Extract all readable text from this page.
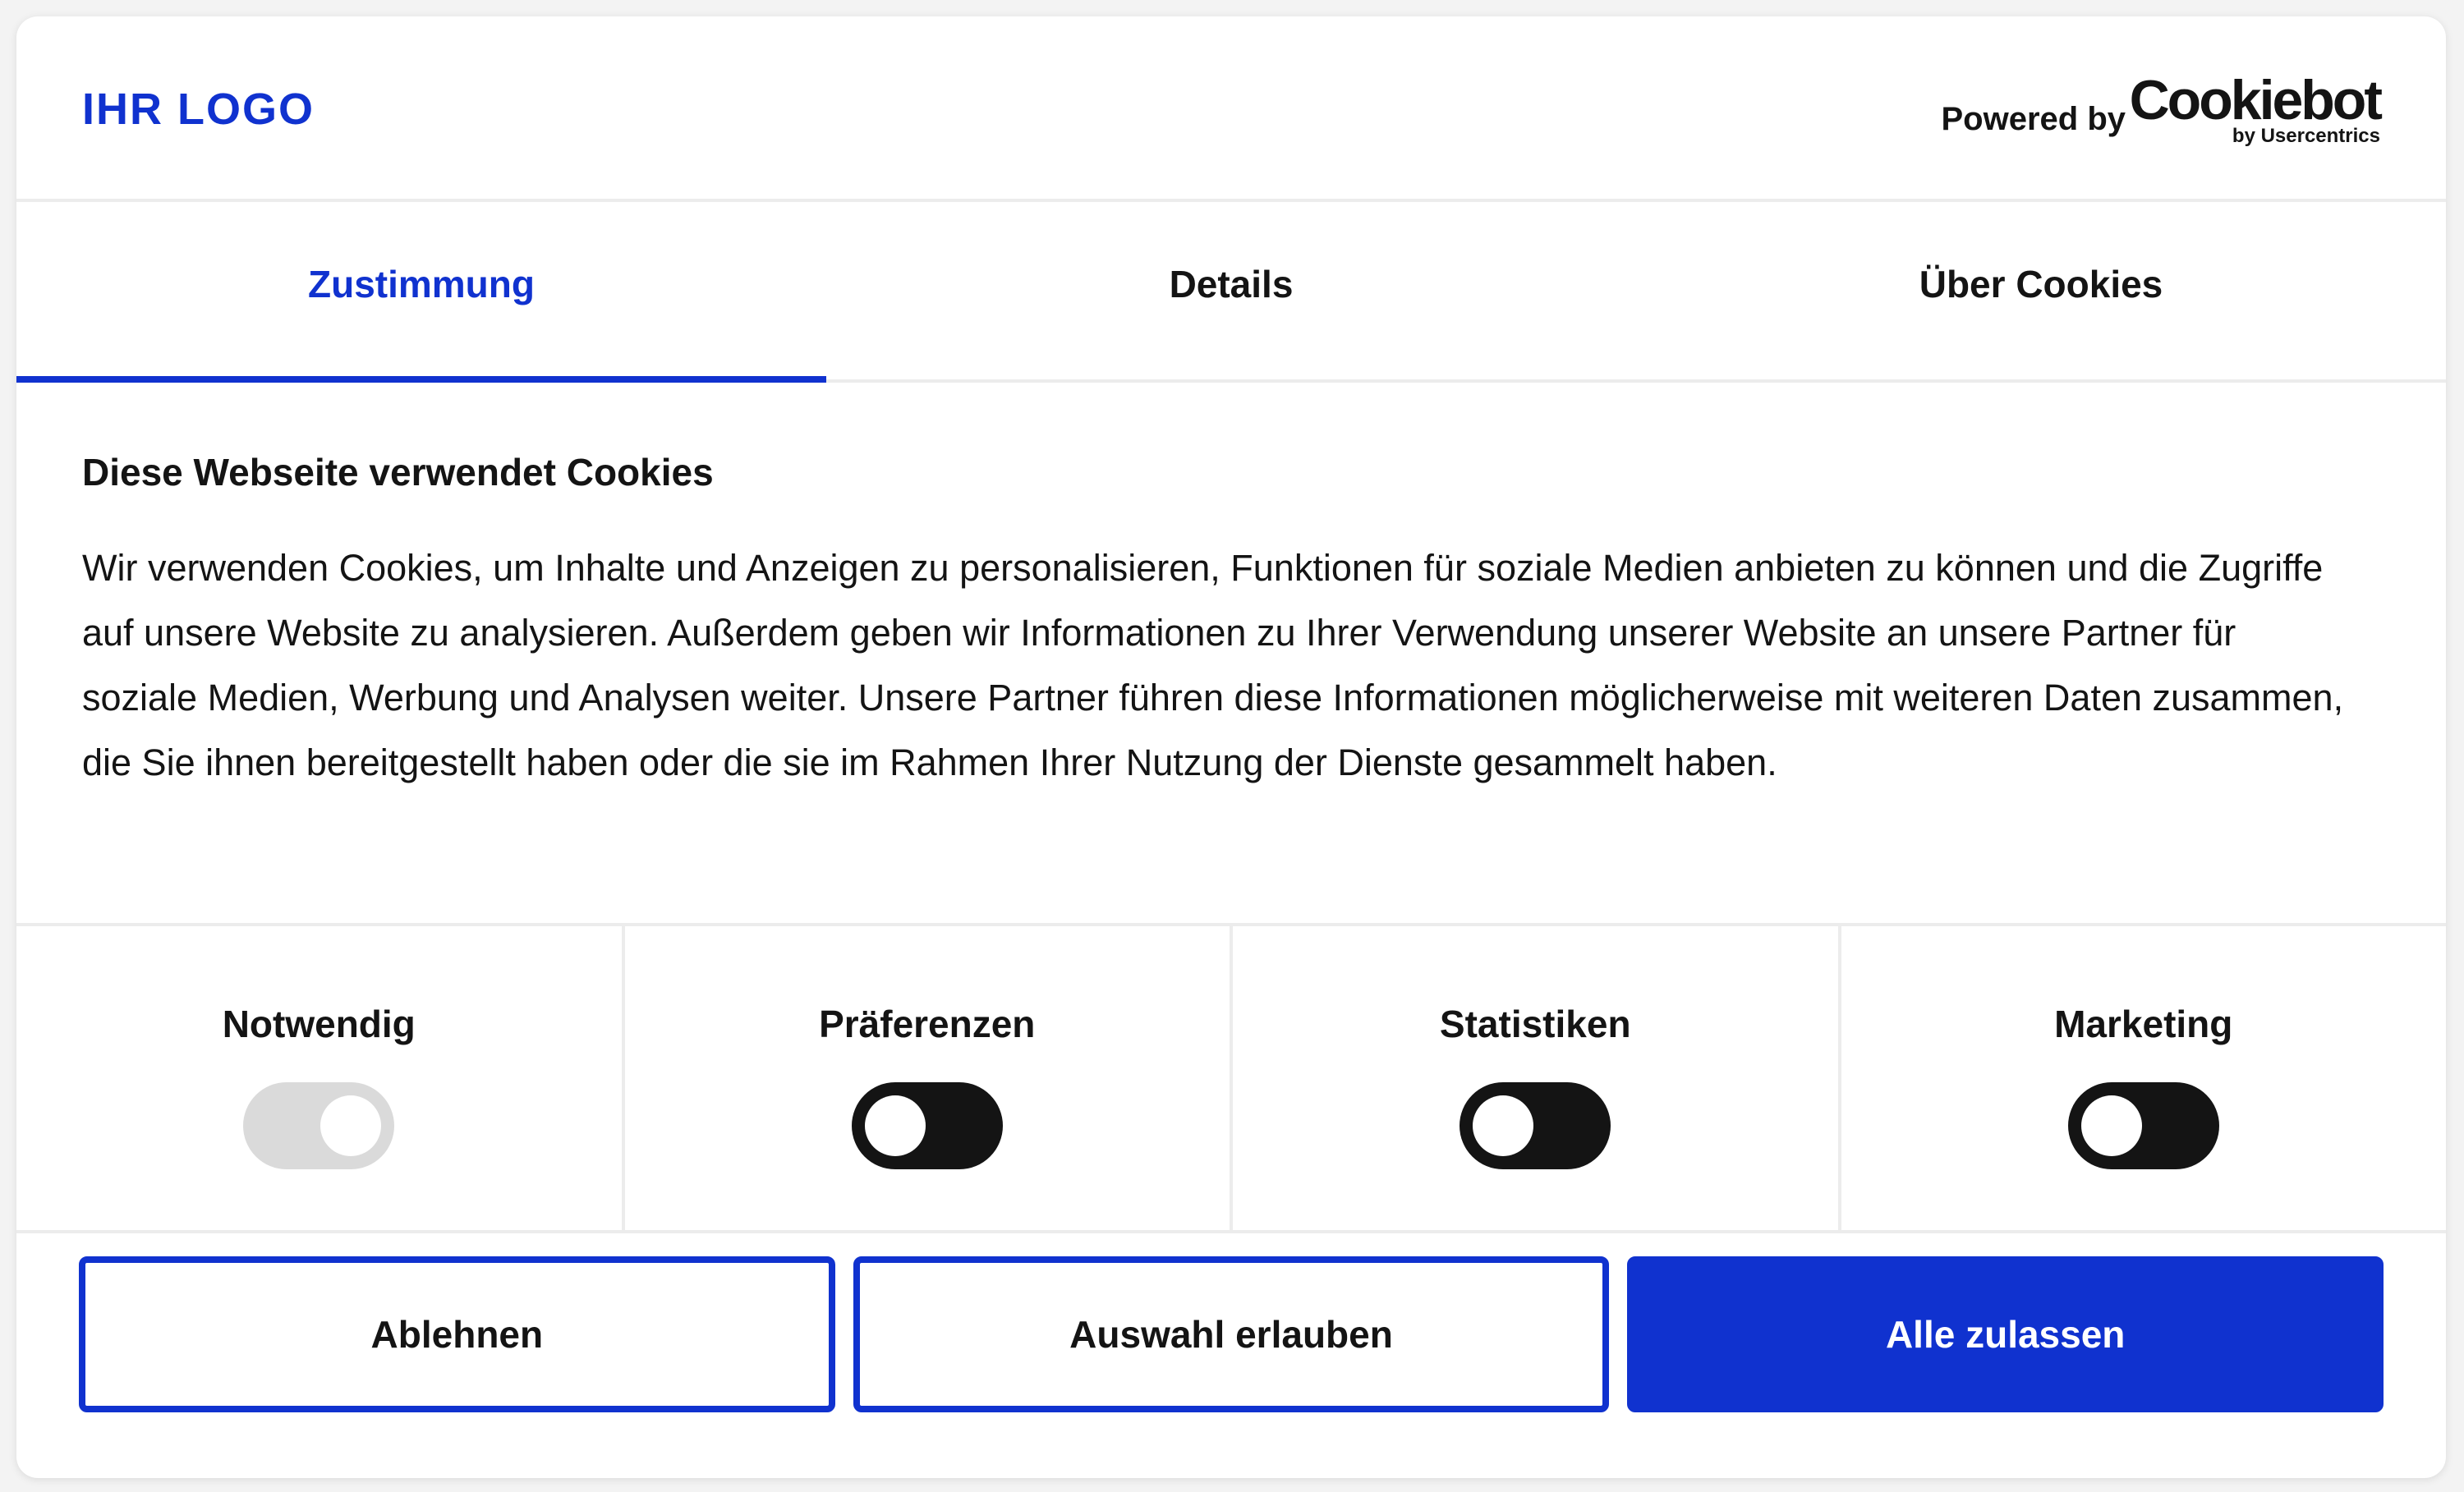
IHR LOGO	Powered by Cookiebot
by Usercentrics
Zustimmung	Details	Über Cookies
Diese Webseite verwendet Cookies

Wir verwenden Cookies, um Inhalte und Anzeigen zu personalisieren, Funktionen für soziale Medien anbieten zu können und die Zugriffe auf unsere Website zu analysieren. Außerdem geben wir Informationen zu Ihrer Verwendung unserer Website an unsere Partner für soziale Medien, Werbung und Analysen weiter. Unsere Partner führen diese Informationen möglicherweise mit weiteren Daten zusammen, die Sie ihnen bereitgestellt haben oder die sie im Rahmen Ihrer Nutzung der Dienste gesammelt haben.

Notwendig	Präferenzen	Statistiken	Marketing
Ablehnen	Auswahl erlauben	Alle zulassen
